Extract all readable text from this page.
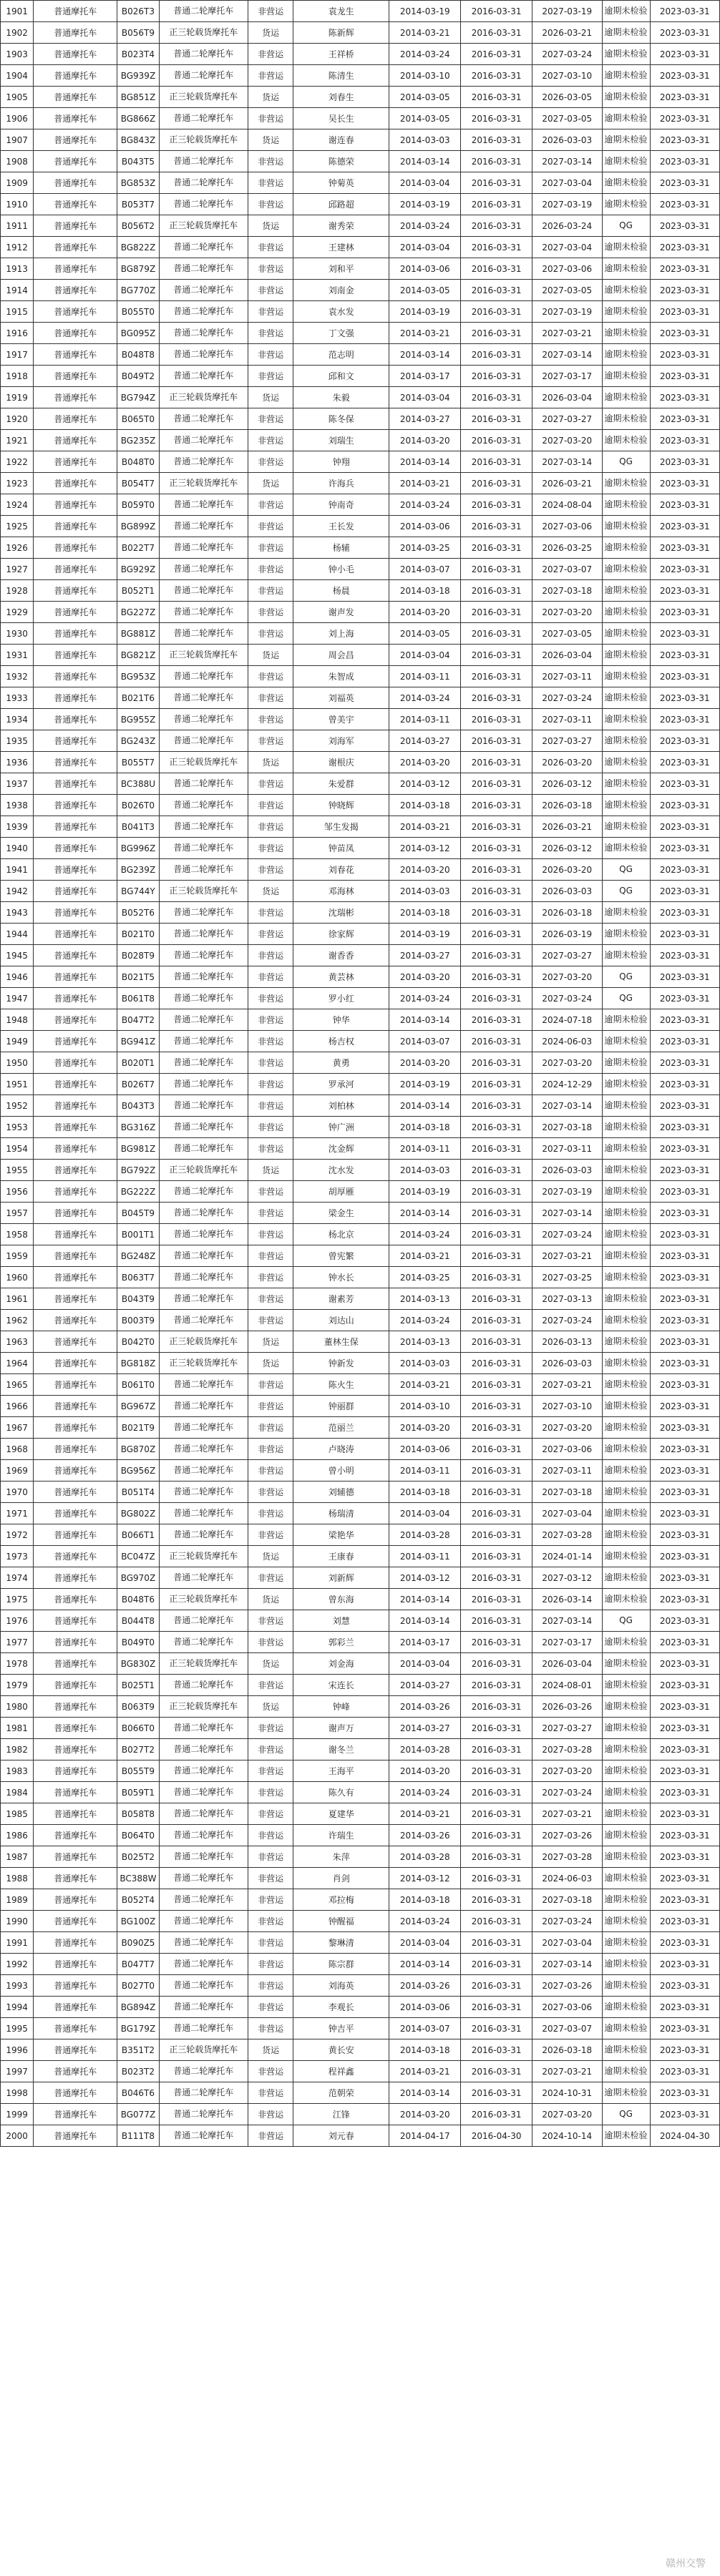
1901	普通摩托车	B026T3	普通二轮摩托车	非营运	袁龙生	2014-03-19	2016-03-31	2027-03-19	逾期未检验	2023-03-31
1902	普通摩托车	B056T9	正三轮载货摩托车	货运	陈新辉	2014-03-21	2016-03-31	2026-03-21	逾期未检验	2023-03-31
1903	普通摩托车	B023T4	普通二轮摩托车	非营运	王祥桥	2014-03-24	2016-03-31	2027-03-24	逾期未检验	2023-03-31
1904	普通摩托车	BG939Z	普通二轮摩托车	非营运	陈清生	2014-03-10	2016-03-31	2027-03-10	逾期未检验	2023-03-31
1905	普通摩托车	BG851Z	正三轮载货摩托车	货运	刘春生	2014-03-05	2016-03-31	2026-03-05	逾期未检验	2023-03-31
1906	普通摩托车	BG866Z	普通二轮摩托车	非营运	吴长生	2014-03-05	2016-03-31	2027-03-05	逾期未检验	2023-03-31
1907	普通摩托车	BG843Z	正三轮载货摩托车	货运	谢连春	2014-03-03	2016-03-31	2026-03-03	逾期未检验	2023-03-31
1908	普通摩托车	B043T5	普通二轮摩托车	非营运	陈德荣	2014-03-14	2016-03-31	2027-03-14	逾期未检验	2023-03-31
1909	普通摩托车	BG853Z	普通二轮摩托车	非营运	钟菊英	2014-03-04	2016-03-31	2027-03-04	逾期未检验	2023-03-31
1910	普通摩托车	B053T7	普通二轮摩托车	非营运	邱路超	2014-03-19	2016-03-31	2027-03-19	逾期未检验	2023-03-31
1911	普通摩托车	B056T2	正三轮载货摩托车	货运	谢秀荣	2014-03-24	2016-03-31	2026-03-24	QG	2023-03-31
1912	普通摩托车	BG822Z	普通二轮摩托车	非营运	王建林	2014-03-04	2016-03-31	2027-03-04	逾期未检验	2023-03-31
1913	普通摩托车	BG879Z	普通二轮摩托车	非营运	刘和平	2014-03-06	2016-03-31	2027-03-06	逾期未检验	2023-03-31
1914	普通摩托车	BG770Z	普通二轮摩托车	非营运	刘南金	2014-03-05	2016-03-31	2027-03-05	逾期未检验	2023-03-31
1915	普通摩托车	B055T0	普通二轮摩托车	非营运	袁水发	2014-03-19	2016-03-31	2027-03-19	逾期未检验	2023-03-31
1916	普通摩托车	BG095Z	普通二轮摩托车	非营运	丁文强	2014-03-21	2016-03-31	2027-03-21	逾期未检验	2023-03-31
1917	普通摩托车	B048T8	普通二轮摩托车	非营运	范志明	2014-03-14	2016-03-31	2027-03-14	逾期未检验	2023-03-31
1918	普通摩托车	B049T2	普通二轮摩托车	非营运	邱和文	2014-03-17	2016-03-31	2027-03-17	逾期未检验	2023-03-31
1919	普通摩托车	BG794Z	正三轮载货摩托车	货运	朱毅	2014-03-04	2016-03-31	2026-03-04	逾期未检验	2023-03-31
1920	普通摩托车	B065T0	普通二轮摩托车	非营运	陈冬保	2014-03-27	2016-03-31	2027-03-27	逾期未检验	2023-03-31
1921	普通摩托车	BG235Z	普通二轮摩托车	非营运	刘瑞生	2014-03-20	2016-03-31	2027-03-20	逾期未检验	2023-03-31
1922	普通摩托车	B048T0	普通二轮摩托车	非营运	钟翔	2014-03-14	2016-03-31	2027-03-14	QG	2023-03-31
1923	普通摩托车	B054T7	正三轮载货摩托车	货运	许海兵	2014-03-21	2016-03-31	2026-03-21	逾期未检验	2023-03-31
1924	普通摩托车	B059T0	普通二轮摩托车	非营运	钟南奇	2014-03-24	2016-03-31	2024-08-04	逾期未检验	2023-03-31
1925	普通摩托车	BG899Z	普通二轮摩托车	非营运	王长发	2014-03-06	2016-03-31	2027-03-06	逾期未检验	2023-03-31
1926	普通摩托车	B022T7	普通二轮摩托车	非营运	杨辅	2014-03-25	2016-03-31	2026-03-25	逾期未检验	2023-03-31
1927	普通摩托车	BG929Z	普通二轮摩托车	非营运	钟小毛	2014-03-07	2016-03-31	2027-03-07	逾期未检验	2023-03-31
1928	普通摩托车	B052T1	普通二轮摩托车	非营运	杨晨	2014-03-18	2016-03-31	2027-03-18	逾期未检验	2023-03-31
1929	普通摩托车	BG227Z	普通二轮摩托车	非营运	谢声发	2014-03-20	2016-03-31	2027-03-20	逾期未检验	2023-03-31
1930	普通摩托车	BG881Z	普通二轮摩托车	非营运	刘上海	2014-03-05	2016-03-31	2027-03-05	逾期未检验	2023-03-31
1931	普通摩托车	BG821Z	正三轮载货摩托车	货运	周会昌	2014-03-04	2016-03-31	2026-03-04	逾期未检验	2023-03-31
1932	普通摩托车	BG953Z	普通二轮摩托车	非营运	朱智成	2014-03-11	2016-03-31	2027-03-11	逾期未检验	2023-03-31
1933	普通摩托车	B021T6	普通二轮摩托车	非营运	刘福英	2014-03-24	2016-03-31	2027-03-24	逾期未检验	2023-03-31
1934	普通摩托车	BG955Z	普通二轮摩托车	非营运	曾美宇	2014-03-11	2016-03-31	2027-03-11	逾期未检验	2023-03-31
1935	普通摩托车	BG243Z	普通二轮摩托车	非营运	刘海军	2014-03-27	2016-03-31	2027-03-27	逾期未检验	2023-03-31
1936	普通摩托车	B055T7	正三轮载货摩托车	货运	谢根庆	2014-03-20	2016-03-31	2026-03-20	逾期未检验	2023-03-31
1937	普通摩托车	BC388U	普通二轮摩托车	非营运	朱爱群	2014-03-12	2016-03-31	2026-03-12	逾期未检验	2023-03-31
1938	普通摩托车	B026T0	普通二轮摩托车	非营运	钟晓辉	2014-03-18	2016-03-31	2026-03-18	逾期未检验	2023-03-31
1939	普通摩托车	B041T3	普通二轮摩托车	非营运	邹生发揭	2014-03-21	2016-03-31	2026-03-21	逾期未检验	2023-03-31
1940	普通摩托车	BG996Z	普通二轮摩托车	非营运	钟苗凤	2014-03-12	2016-03-31	2026-03-12	逾期未检验	2023-03-31
1941	普通摩托车	BG239Z	普通二轮摩托车	非营运	刘春花	2014-03-20	2016-03-31	2026-03-20	QG	2023-03-31
1942	普通摩托车	BG744Y	正三轮载货摩托车	货运	邓海林	2014-03-03	2016-03-31	2026-03-03	QG	2023-03-31
1943	普通摩托车	B052T6	普通二轮摩托车	非营运	沈瑞彬	2014-03-18	2016-03-31	2026-03-18	逾期未检验	2023-03-31
1944	普通摩托车	B021T0	普通二轮摩托车	非营运	徐家辉	2014-03-19	2016-03-31	2026-03-19	逾期未检验	2023-03-31
1945	普通摩托车	B028T9	普通二轮摩托车	非营运	谢香香	2014-03-27	2016-03-31	2027-03-27	逾期未检验	2023-03-31
1946	普通摩托车	B021T5	普通二轮摩托车	非营运	黄芸林	2014-03-20	2016-03-31	2027-03-20	QG	2023-03-31
1947	普通摩托车	B061T8	普通二轮摩托车	非营运	罗小红	2014-03-24	2016-03-31	2027-03-24	QG	2023-03-31
1948	普通摩托车	B047T2	普通二轮摩托车	非营运	钟华	2014-03-14	2016-03-31	2024-07-18	逾期未检验	2023-03-31
1949	普通摩托车	BG941Z	普通二轮摩托车	非营运	杨吉权	2014-03-07	2016-03-31	2024-06-03	逾期未检验	2023-03-31
1950	普通摩托车	B020T1	普通二轮摩托车	非营运	黄勇	2014-03-20	2016-03-31	2027-03-20	逾期未检验	2023-03-31
1951	普通摩托车	B026T7	普通二轮摩托车	非营运	罗承河	2014-03-19	2016-03-31	2024-12-29	逾期未检验	2023-03-31
1952	普通摩托车	B043T3	普通二轮摩托车	非营运	刘柏林	2014-03-14	2016-03-31	2027-03-14	逾期未检验	2023-03-31
1953	普通摩托车	BG316Z	普通二轮摩托车	非营运	钟广洲	2014-03-18	2016-03-31	2027-03-18	逾期未检验	2023-03-31
1954	普通摩托车	BG981Z	普通二轮摩托车	非营运	沈金辉	2014-03-11	2016-03-31	2027-03-11	逾期未检验	2023-03-31
1955	普通摩托车	BG792Z	正三轮载货摩托车	货运	沈水发	2014-03-03	2016-03-31	2026-03-03	逾期未检验	2023-03-31
1956	普通摩托车	BG222Z	普通二轮摩托车	非营运	胡厚雁	2014-03-19	2016-03-31	2027-03-19	逾期未检验	2023-03-31
1957	普通摩托车	B045T9	普通二轮摩托车	非营运	梁金生	2014-03-14	2016-03-31	2027-03-14	逾期未检验	2023-03-31
1958	普通摩托车	B001T1	普通二轮摩托车	非营运	杨北京	2014-03-24	2016-03-31	2027-03-24	逾期未检验	2023-03-31
1959	普通摩托车	BG248Z	普通二轮摩托车	非营运	曾宪繁	2014-03-21	2016-03-31	2027-03-21	逾期未检验	2023-03-31
1960	普通摩托车	B063T7	普通二轮摩托车	非营运	钟水长	2014-03-25	2016-03-31	2027-03-25	逾期未检验	2023-03-31
1961	普通摩托车	B043T9	普通二轮摩托车	非营运	谢素芳	2014-03-13	2016-03-31	2027-03-13	逾期未检验	2023-03-31
1962	普通摩托车	B003T9	普通二轮摩托车	非营运	刘达山	2014-03-24	2016-03-31	2027-03-24	逾期未检验	2023-03-31
1963	普通摩托车	B042T0	正三轮载货摩托车	货运	董林生保	2014-03-13	2016-03-31	2026-03-13	逾期未检验	2023-03-31
1964	普通摩托车	BG818Z	正三轮载货摩托车	货运	钟新发	2014-03-03	2016-03-31	2026-03-03	逾期未检验	2023-03-31
1965	普通摩托车	B061T0	普通二轮摩托车	非营运	陈火生	2014-03-21	2016-03-31	2027-03-21	逾期未检验	2023-03-31
1966	普通摩托车	BG967Z	普通二轮摩托车	非营运	钟丽群	2014-03-10	2016-03-31	2027-03-10	逾期未检验	2023-03-31
1967	普通摩托车	B021T9	普通二轮摩托车	非营运	范丽兰	2014-03-20	2016-03-31	2027-03-20	逾期未检验	2023-03-31
1968	普通摩托车	BG870Z	普通二轮摩托车	非营运	卢晓涛	2014-03-06	2016-03-31	2027-03-06	逾期未检验	2023-03-31
1969	普通摩托车	BG956Z	普通二轮摩托车	非营运	曾小明	2014-03-11	2016-03-31	2027-03-11	逾期未检验	2023-03-31
1970	普通摩托车	B051T4	普通二轮摩托车	非营运	刘辅德	2014-03-18	2016-03-31	2027-03-18	逾期未检验	2023-03-31
1971	普通摩托车	BG802Z	普通二轮摩托车	非营运	杨瑞清	2014-03-04	2016-03-31	2027-03-04	逾期未检验	2023-03-31
1972	普通摩托车	B066T1	普通二轮摩托车	非营运	梁艳华	2014-03-28	2016-03-31	2027-03-28	逾期未检验	2023-03-31
1973	普通摩托车	BC047Z	正三轮载货摩托车	货运	王康春	2014-03-11	2016-03-31	2024-01-14	逾期未检验	2023-03-31
1974	普通摩托车	BG970Z	普通二轮摩托车	非营运	刘新辉	2014-03-12	2016-03-31	2027-03-12	逾期未检验	2023-03-31
1975	普通摩托车	B048T6	正三轮载货摩托车	货运	曾东海	2014-03-14	2016-03-31	2026-03-14	逾期未检验	2023-03-31
1976	普通摩托车	B044T8	普通二轮摩托车	非营运	刘慧	2014-03-14	2016-03-31	2027-03-14	QG	2023-03-31
1977	普通摩托车	B049T0	普通二轮摩托车	非营运	郭彩兰	2014-03-17	2016-03-31	2027-03-17	逾期未检验	2023-03-31
1978	普通摩托车	BG830Z	正三轮载货摩托车	货运	刘金海	2014-03-04	2016-03-31	2026-03-04	逾期未检验	2023-03-31
1979	普通摩托车	B025T1	普通二轮摩托车	非营运	宋连长	2014-03-27	2016-03-31	2024-08-01	逾期未检验	2023-03-31
1980	普通摩托车	B063T9	正三轮载货摩托车	货运	钟峰	2014-03-26	2016-03-31	2026-03-26	逾期未检验	2023-03-31
1981	普通摩托车	B066T0	普通二轮摩托车	非营运	谢声万	2014-03-27	2016-03-31	2027-03-27	逾期未检验	2023-03-31
1982	普通摩托车	B027T2	普通二轮摩托车	非营运	谢冬兰	2014-03-28	2016-03-31	2027-03-28	逾期未检验	2023-03-31
1983	普通摩托车	B055T9	普通二轮摩托车	非营运	王海平	2014-03-20	2016-03-31	2027-03-20	逾期未检验	2023-03-31
1984	普通摩托车	B059T1	普通二轮摩托车	非营运	陈久有	2014-03-24	2016-03-31	2027-03-24	逾期未检验	2023-03-31
1985	普通摩托车	B058T8	普通二轮摩托车	非营运	夏建华	2014-03-21	2016-03-31	2027-03-21	逾期未检验	2023-03-31
1986	普通摩托车	B064T0	普通二轮摩托车	非营运	许瑞生	2014-03-26	2016-03-31	2027-03-26	逾期未检验	2023-03-31
1987	普通摩托车	B025T2	普通二轮摩托车	非营运	朱萍	2014-03-28	2016-03-31	2027-03-28	逾期未检验	2023-03-31
1988	普通摩托车	BC388W	普通二轮摩托车	非营运	肖剑	2014-03-12	2016-03-31	2024-06-03	逾期未检验	2023-03-31
1989	普通摩托车	B052T4	普通二轮摩托车	非营运	邓拉梅	2014-03-18	2016-03-31	2027-03-18	逾期未检验	2023-03-31
1990	普通摩托车	BG100Z	普通二轮摩托车	非营运	钟醒福	2014-03-24	2016-03-31	2027-03-24	逾期未检验	2023-03-31
1991	普通摩托车	B090Z5	普通二轮摩托车	非营运	黎琳清	2014-03-04	2016-03-31	2027-03-04	逾期未检验	2023-03-31
1992	普通摩托车	B047T7	普通二轮摩托车	非营运	陈宗群	2014-03-14	2016-03-31	2027-03-14	逾期未检验	2023-03-31
1993	普通摩托车	B027T0	普通二轮摩托车	非营运	刘海英	2014-03-26	2016-03-31	2027-03-26	逾期未检验	2023-03-31
1994	普通摩托车	BG894Z	普通二轮摩托车	非营运	李观长	2014-03-06	2016-03-31	2027-03-06	逾期未检验	2023-03-31
1995	普通摩托车	BG179Z	普通二轮摩托车	非营运	钟吉平	2014-03-07	2016-03-31	2027-03-07	逾期未检验	2023-03-31
1996	普通摩托车	B351T2	正三轮载货摩托车	货运	黄长安	2014-03-18	2016-03-31	2026-03-18	逾期未检验	2023-03-31
1997	普通摩托车	B023T2	普通二轮摩托车	非营运	程祥鑫	2014-03-21	2016-03-31	2027-03-21	逾期未检验	2023-03-31
1998	普通摩托车	B046T6	普通二轮摩托车	非营运	范朝荣	2014-03-14	2016-03-31	2024-10-31	逾期未检验	2023-03-31
1999	普通摩托车	BG077Z	普通二轮摩托车	非营运	江锋	2014-03-20	2016-03-31	2027-03-20	QG	2023-03-31
2000	普通摩托车	B111T8	普通二轮摩托车	非营运	刘元春	2014-04-17	2016-04-30	2024-10-14	逾期未检验	2024-04-30
赣州交警
